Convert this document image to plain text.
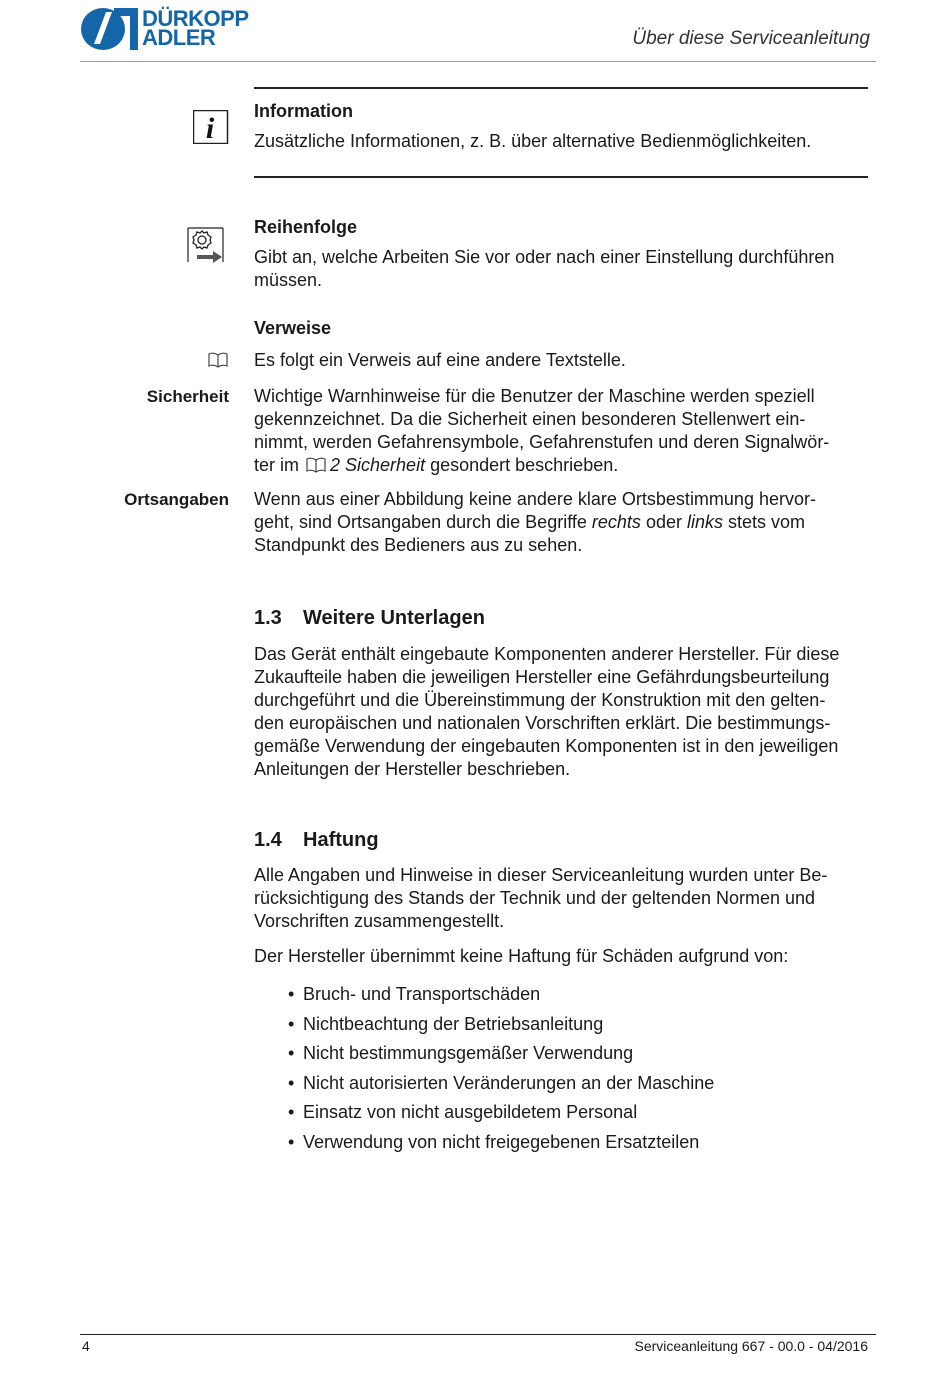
DÜRKOPP
ADLER	Über diese Serviceanleitung
i
Information
Zusätzliche Informationen, z. B. über alternative Bedienmöglichkeiten.
Reihenfolge
Gibt an, welche Arbeiten Sie vor oder nach einer Einstellung durchführen
müssen.
Verweise
Es folgt ein Verweis auf eine andere Textstelle.
Sicherheit Wichtige Warnhinweise für die Benutzer der Maschine werden speziell
gekennzeichnet. Da die Sicherheit einen besonderen Stellenwert ein-
nimmt, werden Gefahrensymbole, Gefahrenstufen und deren Signalwör-
ter im 2 Sicherheit gesondert beschrieben.
Ortsangaben Wenn aus einer Abbildung keine andere klare Ortsbestimmung hervor-
geht, sind Ortsangaben durch die Begriffe rechts oder links stets vom
Standpunkt des Bedieners aus zu sehen.
1.3 Weitere Unterlagen
Das Gerät enthält eingebaute Komponenten anderer Hersteller. Für diese
Zukaufteile haben die jeweiligen Hersteller eine Gefährdungsbeurteilung
durchgeführt und die Übereinstimmung der Konstruktion mit den gelten-
den europäischen und nationalen Vorschriften erklärt. Die bestimmungs-
gemäße Verwendung der eingebauten Komponenten ist in den jeweiligen
Anleitungen der Hersteller beschrieben.
1.4 Haftung
Alle Angaben und Hinweise in dieser Serviceanleitung wurden unter Be-
rücksichtigung des Stands der Technik und der geltenden Normen und
Vorschriften zusammengestellt.
Der Hersteller übernimmt keine Haftung für Schäden aufgrund von:
• Bruch- und Transportschäden
• Nichtbeachtung der Betriebsanleitung
• Nicht bestimmungsgemäßer Verwendung
• Nicht autorisierten Veränderungen an der Maschine
• Einsatz von nicht ausgebildetem Personal
• Verwendung von nicht freigegebenen Ersatzteilen
4	Serviceanleitung 667 - 00.0 - 04/2016
